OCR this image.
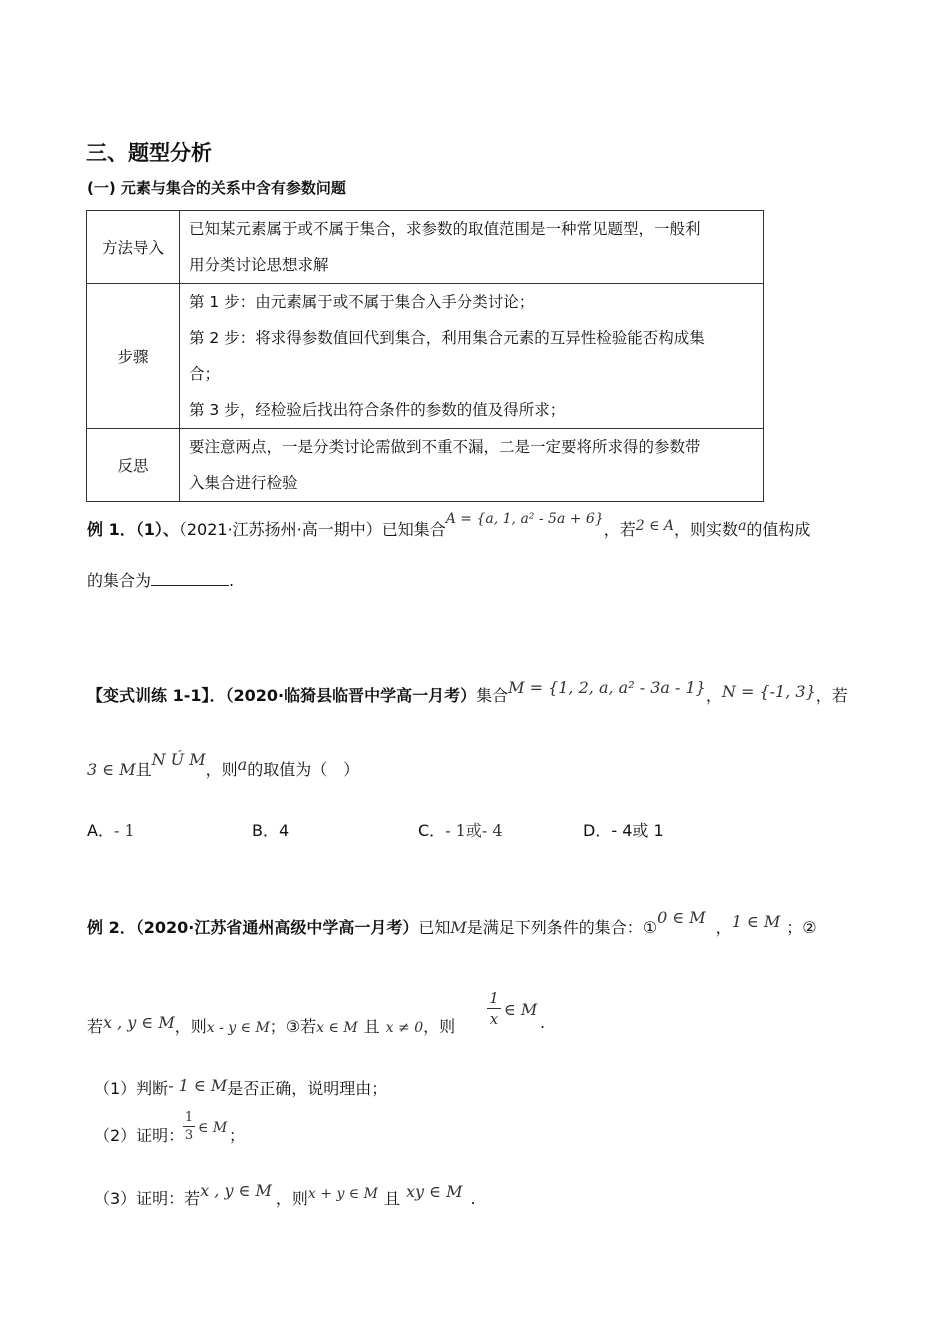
三、题型分析
(一) 元素与集合的关系中含有参数问题
方法导入	已知某元素属于或不属于集合，求参数的取值范围是一种常见题型，一般利
用分类讨论思想求解

步骤	第 1 步：由元素属于或不属于集合入手分类讨论；
第 2 步：将求得参数值回代到集合，利用集合元素的互异性检验能否构成集
合；
第 3 步，经检验后找出符合条件的参数的值及得所求；

反思	要注意两点，一是分类讨论需做到不重不漏，二是一定要将所求得的参数带
入集合进行检验
例 1．（1）、（2021·江苏扬州·高一期中）已知集合A = {a, 1, a² - 5a + 6}，若2 ∈ A，则实数a的值构成
的集合为	.
【变式训练 1-1】．（2020·临猗县临晋中学高一月考）集合M = {1, 2, a, a² - 3a - 1}，N = {-1, 3}，若
3 ∈ M且N Ú M，则a的取值为（　）
A．- 1	B．4	C．- 1或- 4	D．- 4或 1
例 2．（2020·江苏省通州高级中学高一月考）已知M是满足下列条件的集合：①0 ∈ M，1 ∈ M ；②
若x , y ∈ M，则x - y ∈ M；③若x ∈ M 且 x ≠ 0，则
1
x ∈ M
.
（1）判断- 1 ∈ M是否正确，说明理由；
（2）证明：
1
3 ∈ M ；
（3）证明：若x , y ∈ M ，则x + y ∈ M 且 xy ∈ M .
